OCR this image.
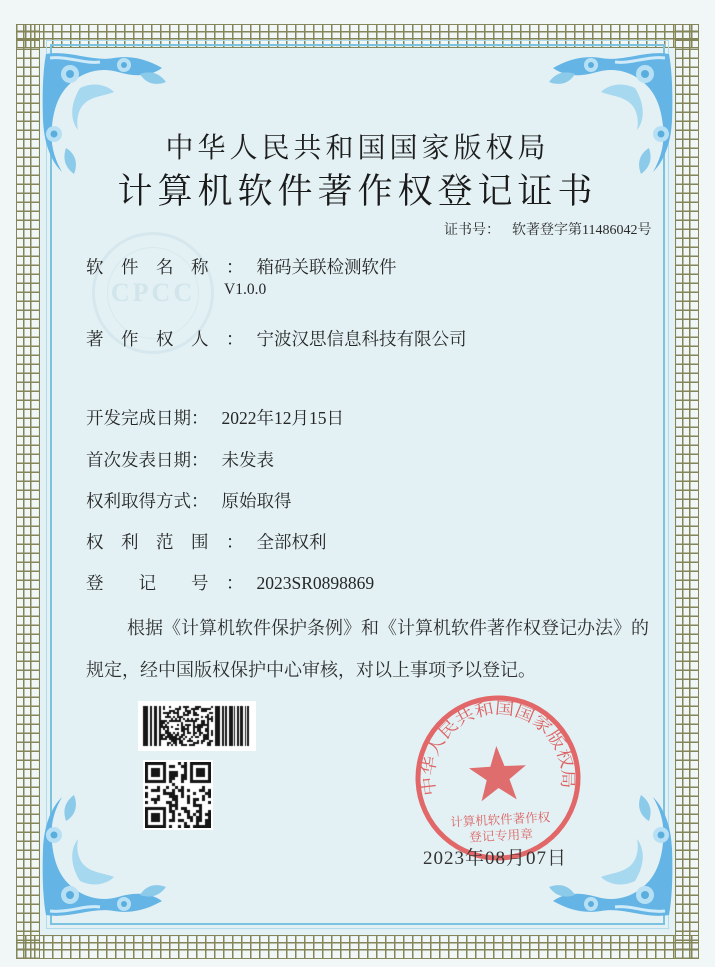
CPCC
中华人民共和国国家版权局
计算机软件著作权登记证书
证书号： 软著登字第11486042号
软　件　名　称　： 箱码关联检测软件
V1.0.0
著　作　权　人　： 宁波汉思信息科技有限公司
开发完成日期： 2022年12月15日
首次发表日期： 未发表
权利取得方式： 原始取得
权　利　范　围　： 全部权利
登　　记　　号　： 2023SR0898869
根据《计算机软件保护条例》和《计算机软件著作权登记办法》的
规定，经中国版权保护中心审核，对以上事项予以登记。
中华人民共和国国家版权局
计算机软件著作权
登记专用章
2023年08月07日
